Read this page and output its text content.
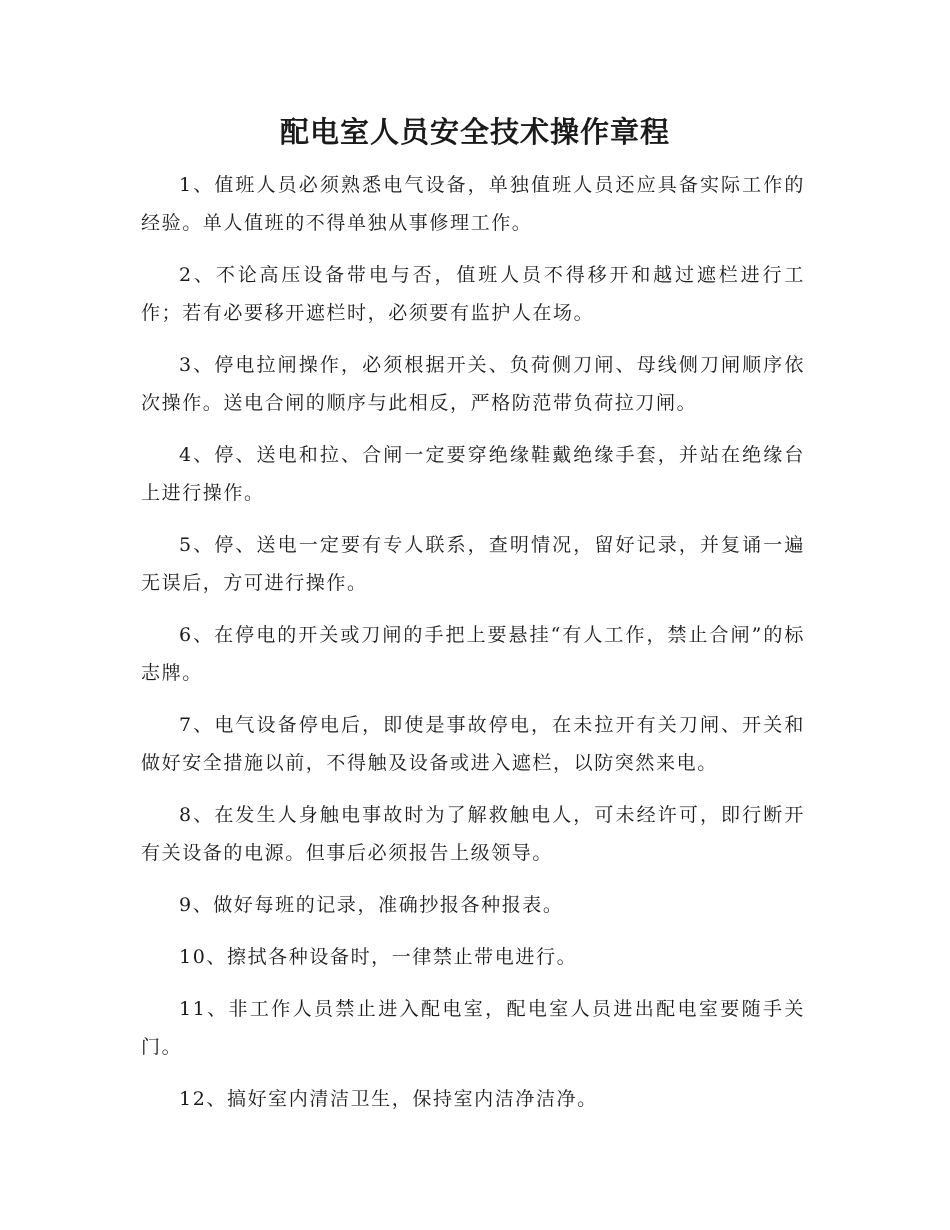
配电室人员安全技术操作章程

1、值班人员必须熟悉电气设备，单独值班人员还应具备实际工作的经验。单人值班的不得单独从事修理工作。

2、不论高压设备带电与否，值班人员不得移开和越过遮栏进行工作；若有必要移开遮栏时，必须要有监护人在场。

3、停电拉闸操作，必须根据开关、负荷侧刀闸、母线侧刀闸顺序依次操作。送电合闸的顺序与此相反，严格防范带负荷拉刀闸。

4、停、送电和拉、合闸一定要穿绝缘鞋戴绝缘手套，并站在绝缘台上进行操作。

5、停、送电一定要有专人联系，查明情况，留好记录，并复诵一遍无误后，方可进行操作。

6、在停电的开关或刀闸的手把上要悬挂“有人工作，禁止合闸”的标志牌。

7、电气设备停电后，即使是事故停电，在未拉开有关刀闸、开关和做好安全措施以前，不得触及设备或进入遮栏，以防突然来电。

8、在发生人身触电事故时为了解救触电人，可未经许可，即行断开有关设备的电源。但事后必须报告上级领导。

9、做好每班的记录，准确抄报各种报表。

10、擦拭各种设备时，一律禁止带电进行。

11、非工作人员禁止进入配电室，配电室人员进出配电室要随手关门。

12、搞好室内清洁卫生，保持室内洁净洁净。
